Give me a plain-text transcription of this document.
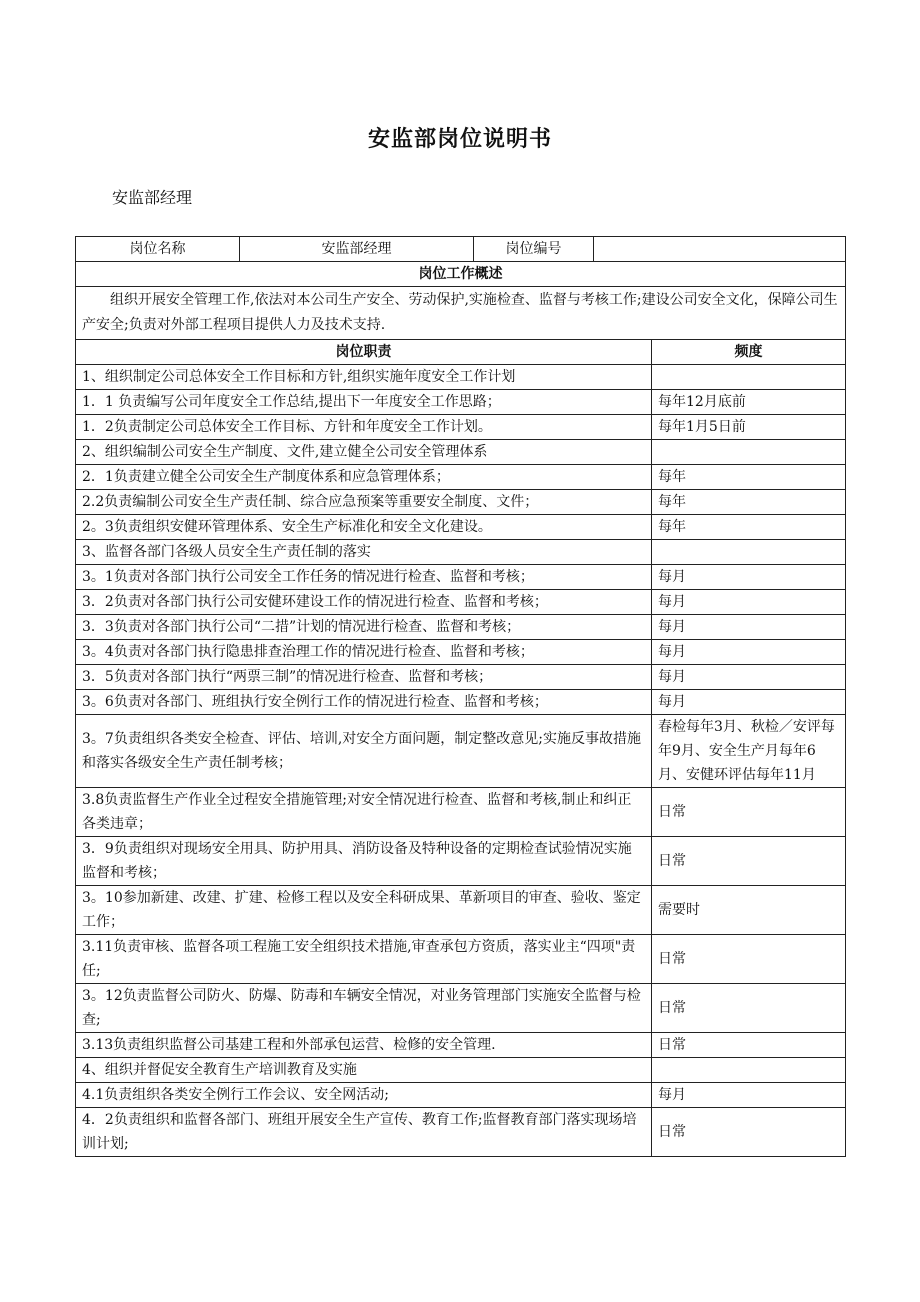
安监部岗位说明书
安监部经理
岗位名称	安监部经理	岗位编号		
岗位工作概述				
组织开展安全管理工作,依法对本公司生产安全、劳动保护,实施检查、监督与考核工作;建设公司安全文化，保障公司生产安全;负责对外部工程项目提供人力及技术支持.				
岗位职责				频度
1、组织制定公司总体安全工作目标和方针,组织实施年度安全工作计划				
1．1 负责编写公司年度安全工作总结,提出下一年度安全工作思路；				每年12月底前
1．2负责制定公司总体安全工作目标、方针和年度安全工作计划。				每年1月5日前
2、组织编制公司安全生产制度、文件,建立健全公司安全管理体系				
2．1负责建立健全公司安全生产制度体系和应急管理体系；				每年
2.2负责编制公司安全生产责任制、综合应急预案等重要安全制度、文件；				每年
2。3负责组织安健环管理体系、安全生产标准化和安全文化建设。				每年
3、监督各部门各级人员安全生产责任制的落实				
3。1负责对各部门执行公司安全工作任务的情况进行检查、监督和考核；				每月
3．2负责对各部门执行公司安健环建设工作的情况进行检查、监督和考核；				每月
3．3负责对各部门执行公司“二措”计划的情况进行检查、监督和考核；				每月
3。4负责对各部门执行隐患排查治理工作的情况进行检查、监督和考核；				每月
3．5负责对各部门执行“两票三制”的情况进行检查、监督和考核；				每月
3。6负责对各部门、班组执行安全例行工作的情况进行检查、监督和考核；				每月
3。7负责组织各类安全检查、评估、培训,对安全方面问题，制定整改意见;实施反事故措施和落实各级安全生产责任制考核；				春检每年3月、秋检／安评每年9月、安全生产月每年6月、安健环评估每年11月
3.8负责监督生产作业全过程安全措施管理;对安全情况进行检查、监督和考核,制止和纠正各类违章；				日常
3．9负责组织对现场安全用具、防护用具、消防设备及特种设备的定期检查试验情况实施监督和考核；				日常
3。10参加新建、改建、扩建、检修工程以及安全科研成果、革新项目的审查、验收、鉴定工作；				需要时
3.11负责审核、监督各项工程施工安全组织技术措施,审查承包方资质，落实业主“四项"责任;				日常
3。12负责监督公司防火、防爆、防毒和车辆安全情况，对业务管理部门实施安全监督与检查;				日常
3.13负责组织监督公司基建工程和外部承包运营、检修的安全管理.				日常
4、组织并督促安全教育生产培训教育及实施				
4.1负责组织各类安全例行工作会议、安全网活动;				每月
4．2负责组织和监督各部门、班组开展安全生产宣传、教育工作;监督教育部门落实现场培训计划;				日常
